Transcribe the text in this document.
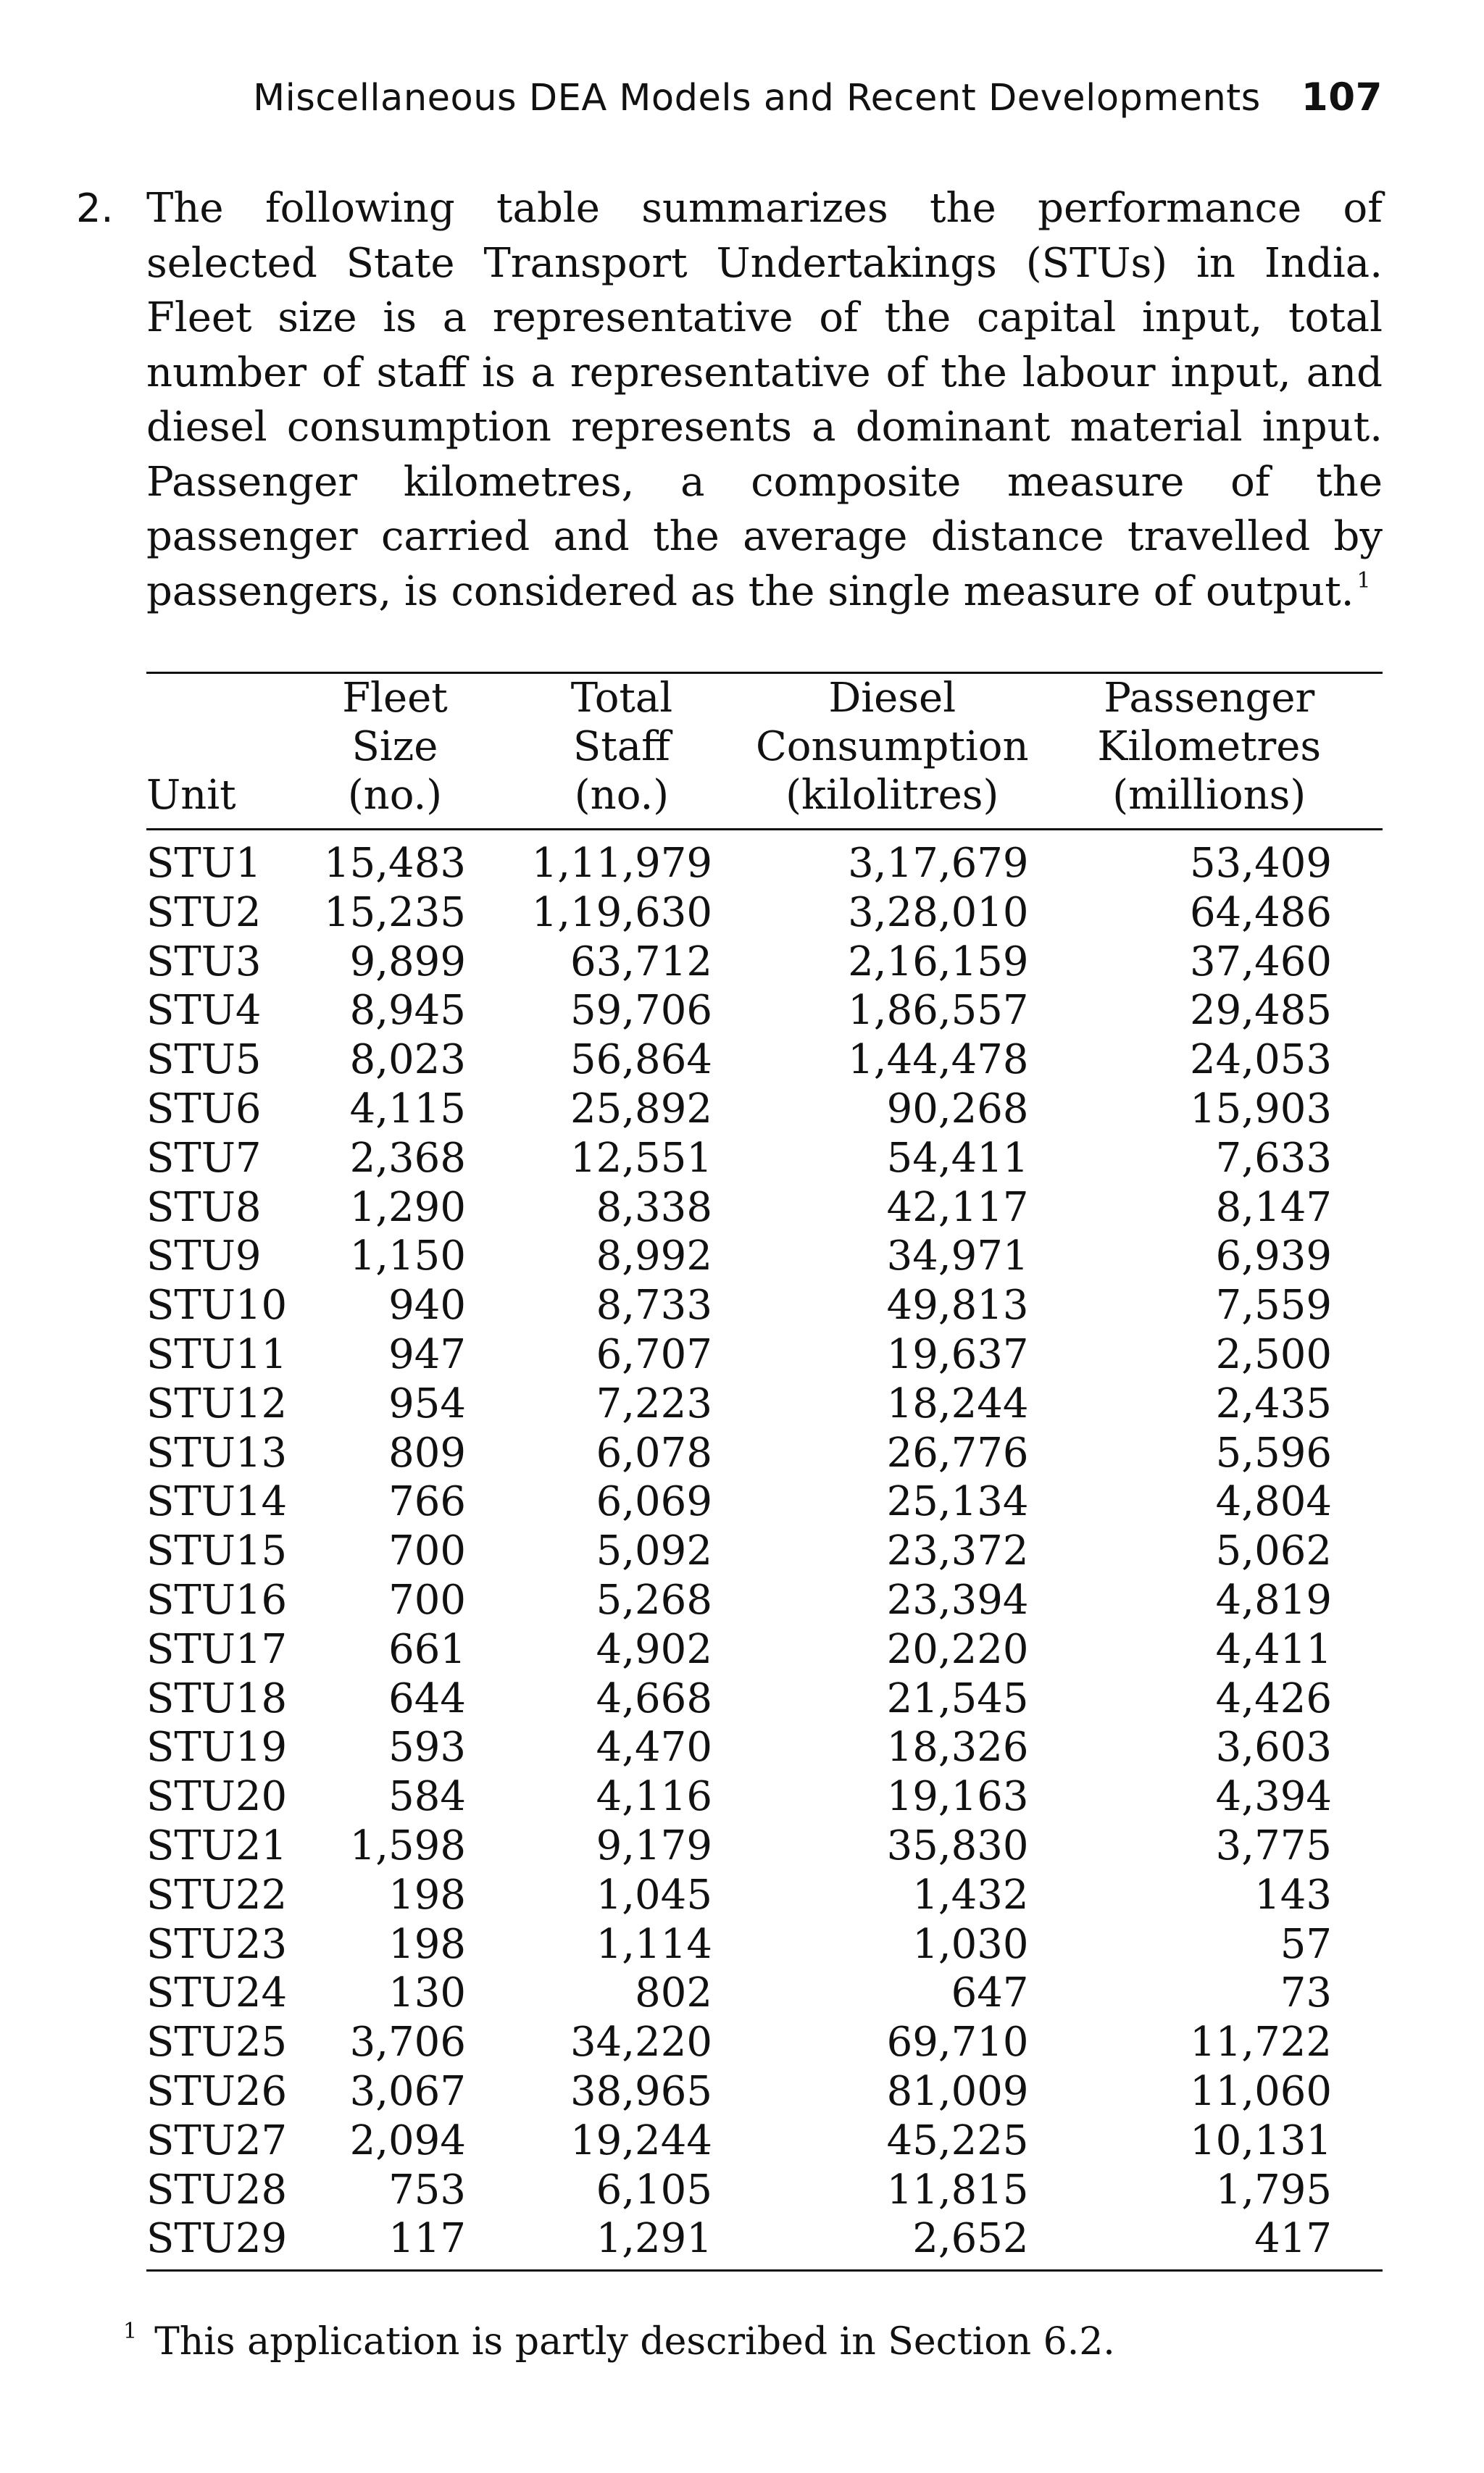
Miscellaneous DEA Models and Recent Developments 107
2. The following table summarizes the performance of selected State Transport Undertakings (STUs) in India. Fleet size is a representative of the capital input, total number of staff is a representative of the labour input, and diesel consumption represents a dominant material input. Passenger kilometres, a composite measure of the passenger carried and the average distance travelled by passengers, is considered as the single measure of output. $^1$
	Fleet	Total	Diesel	Passenger
	Size	Staff	Consumption	Kilometres
Unit	(no.)	(no.)	(kilolitres)	(millions)
STU1	15,483	1,11,979	3,17,679	53,409
STU2	15,235	1,19,630	3,28,010	64,486
STU3	9,899	63,712	2,16,159	37,460
STU4	8,945	59,706	1,86,557	29,485
STU5	8,023	56,864	1,44,478	24,053
STU6	4,115	25,892	90,268	15,903
STU7	2,368	12,551	54,411	7,633
STU8	1,290	8,338	42,117	8,147
STU9	1,150	8,992	34,971	6,939
STU10	940	8,733	49,813	7,559
STU11	947	6,707	19,637	2,500
STU12	954	7,223	18,244	2,435
STU13	809	6,078	26,776	5,596
STU14	766	6,069	25,134	4,804
STU15	700	5,092	23,372	5,062
STU16	700	5,268	23,394	4,819
STU17	661	4,902	20,220	4,411
STU18	644	4,668	21,545	4,426
STU19	593	4,470	18,326	3,603
STU20	584	4,116	19,163	4,394
STU21	1,598	9,179	35,830	3,775
STU22	198	1,045	1,432	143
STU23	198	1,114	1,030	57
STU24	130	802	647	73
STU25	3,706	34,220	69,710	11,722
STU26	3,067	38,965	81,009	11,060
STU27	2,094	19,244	45,225	10,131
STU28	753	6,105	11,815	1,795
STU29	117	1,291	2,652	417

$^1$ This application is partly described in Section 6.2.
